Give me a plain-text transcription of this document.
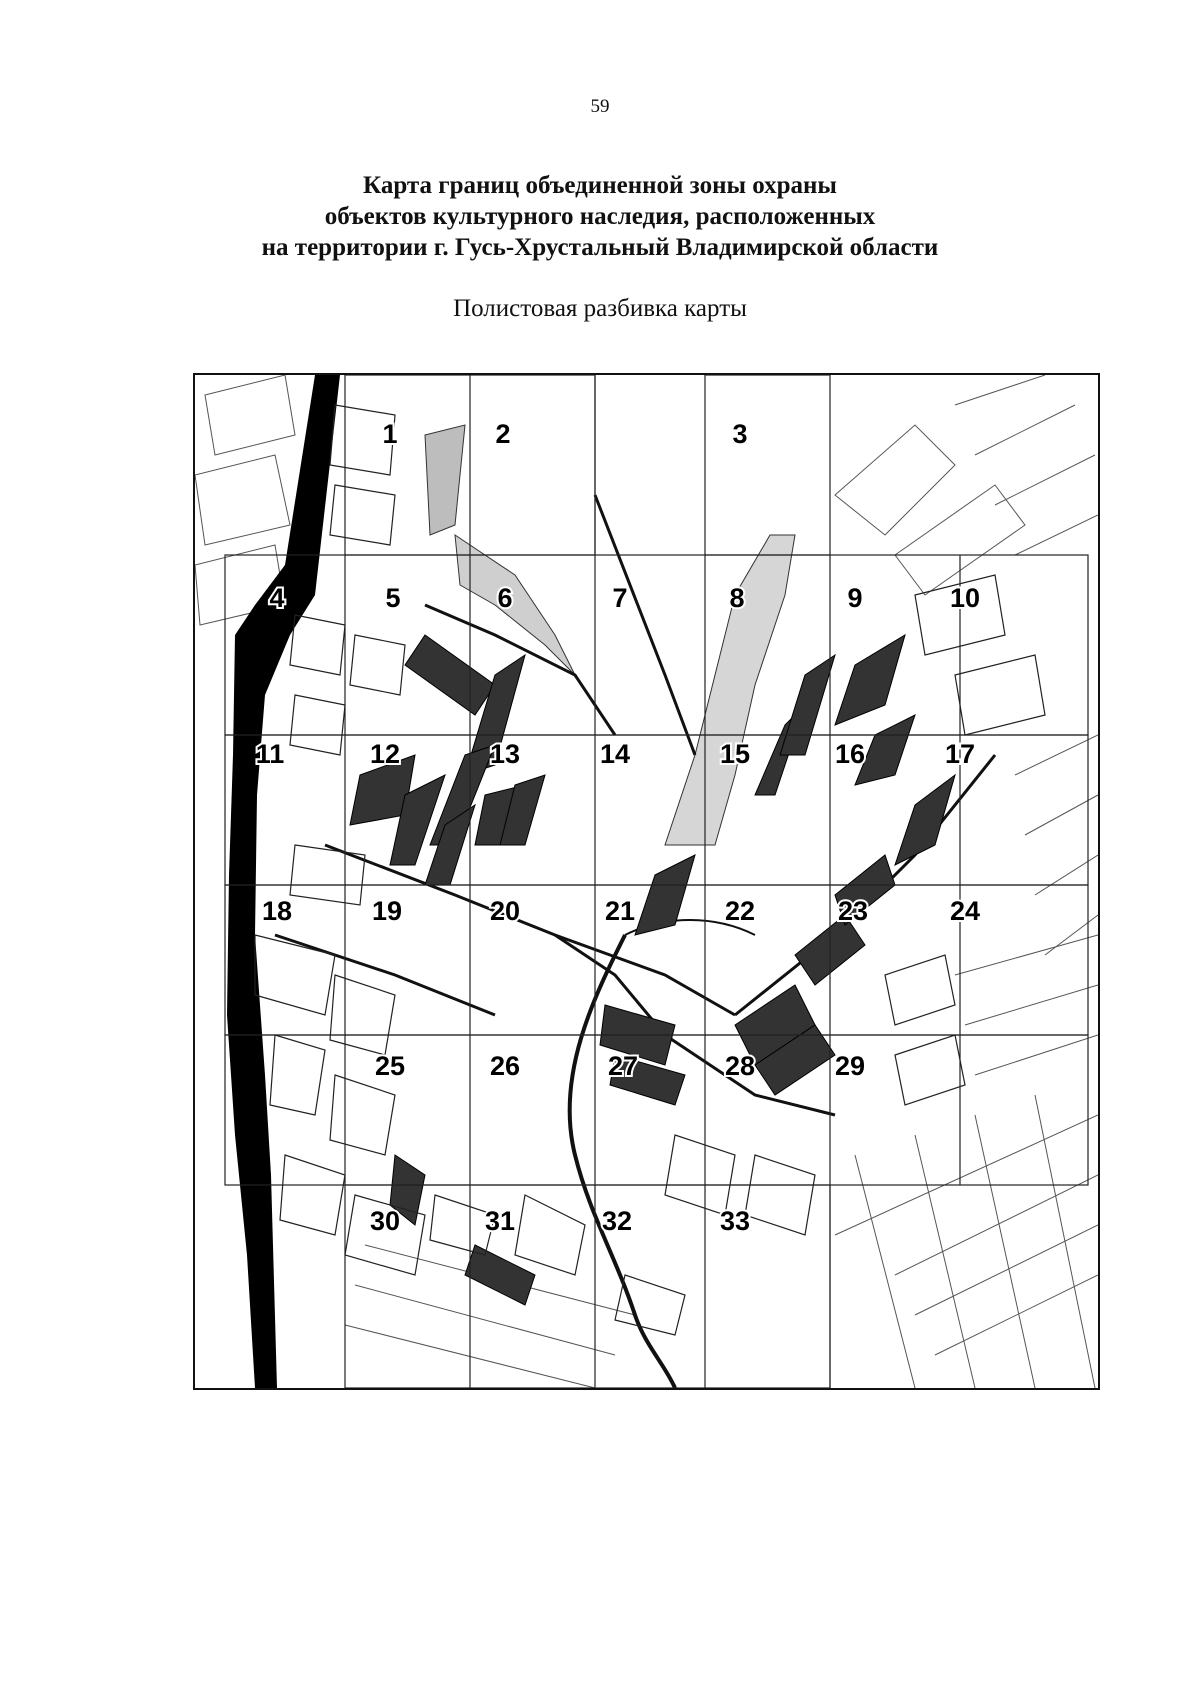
59
Карта границ объединенной зоны охраны
объектов культурного наследия, расположенных
на территории г. Гусь-Хрустальный Владимирской области
Полистовая разбивка карты
1	2	3
4	5	6	7	8	9	10
11	12	13	14	15	16	17
18	19	20	21	22	23	24
25	26	27	28	29
30	31	32	33
